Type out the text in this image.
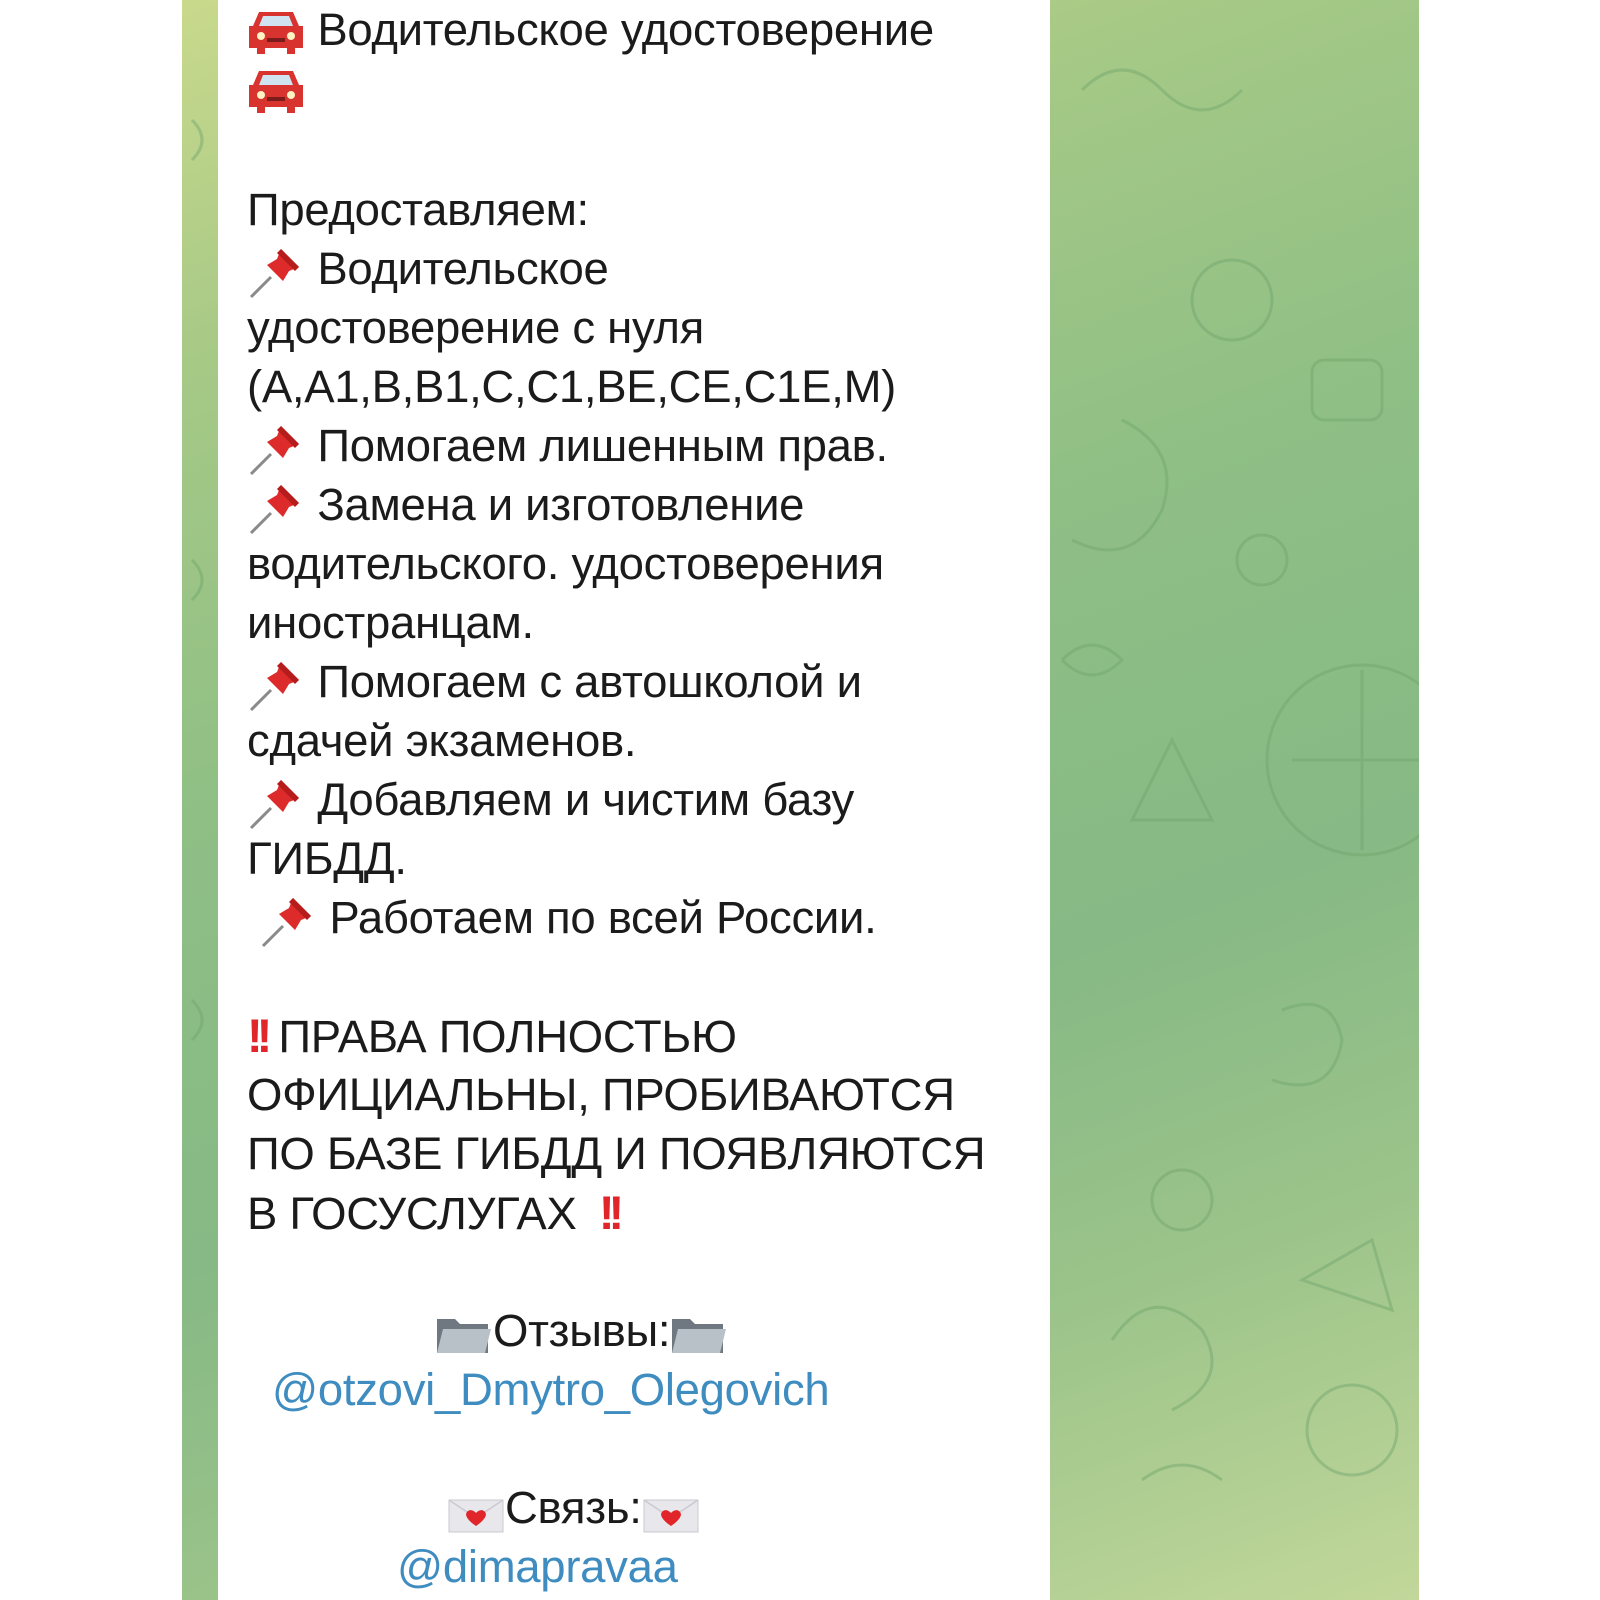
Водительское удостоверение
Предоставляем:
Водительское
удостоверение с нуля
(A,A1,B,B1,C,C1,BE,CE,C1E,M)
Помогаем лишенным прав.
Замена и изготовление
водительского. удостоверения
иностранцам.
Помогаем с автошколой и
сдачей экзаменов.
Добавляем и чистим базу
ГИБДД.
Работаем по всей России.
!! ПРАВА ПОЛНОСТЬЮ
ОФИЦИАЛЬНЫ, ПРОБИВАЮТСЯ
ПО БАЗЕ ГИБДД И ПОЯВЛЯЮТСЯ
В ГОСУСЛУГАХ !!
Отзывы:
@otzovi_Dmytro_Olegovich
Связь:
@dimapravaa
